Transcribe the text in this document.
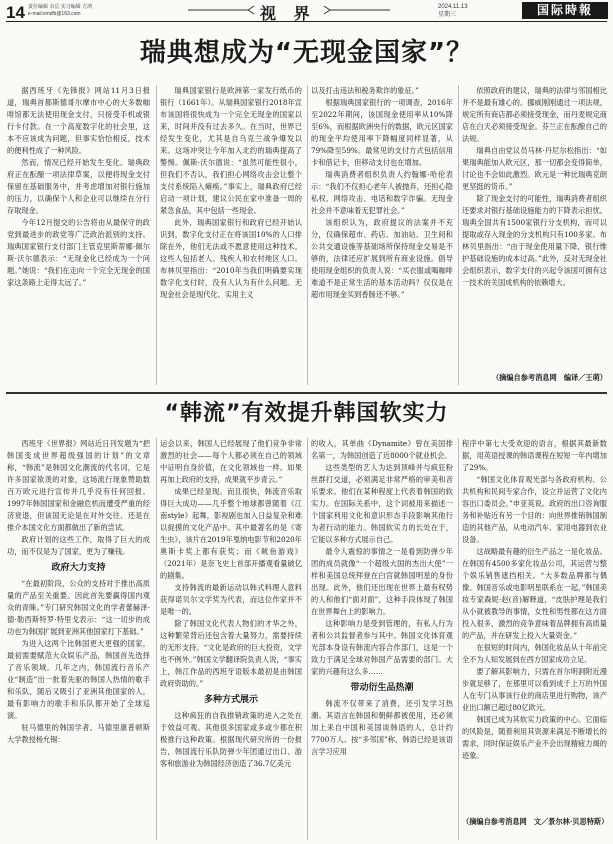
14 责任编辑 余岳 实习编辑 方鸿
e-mail:smzfb@163.com	视 界	2024.11.13
星期三	国际時報
瑞典想成为“无现金国家”？

据西班牙《先锋报》网站11月3日报道，瑞典首都斯德哥尔摩市中心的大多数咖啡馆都无法使用现金支付，只接受手机或银行卡付款。在一个高度数字化的社会里，这本不应该成为问题，但事实恰恰相反，技术的便利性成了一种风险。

然而，情况已经开始发生变化。瑞典政府正在酝酿一项法律草案，以便将现金支付保留在基础服务中，并考虑增加对银行施加的压力，以确保个人和企业可以继续在分行存取现金。

今年12月提交的公告将由从最保守的政党到最进步的政党等广泛政治派别的支持。瑞典国家银行支付部门主管克里斯蒂娜·佩尔斯·沃尔德表示：“无现金化已经成为一个问题。”她说：“我们在走向一个完全无现金的国家这条路上走得太远了。”

瑞典国家银行是欧洲第一家发行纸币的银行（1661年）。从瑞典国家银行2018年宣布该国将很快成为一个完全无现金的国家以来，时间并没有过去多久。在当时，世界已经发生变化，尤其是自乌克兰战争爆发以来。这场冲突让今年加入北约的瑞典提高了警惕。佩斯·沃尔德说：“虽然可能性很小，但我们不否认，我们担心网络攻击会让整个支付系统陷入瘫痪。”事实上，瑞典政府已经启动一项计划，建议公民在家中准备一周的紧急食品，其中包括一些现金。

此外，瑞典国家银行和政府已经开始认识到，数字化支付正在将该国10%的人口排除在外，他们无法或不愿意使用这种技术。这些人包括老人、残疾人和农村地区人口。布林贝里指出：“2010年当我们明确要实现数字化支付时，没有人认为有什么问题。无现金社会是现代化、实用主义

以及打击违法和税务欺诈的象征。”

根据瑞典国家银行的一项调查，2016年至2022年期间，该国现金使用率从10%降至6%，而根据欧洲央行的数据，欧元区国家的现金平均使用率下降幅度同样显著，从79%降至59%。最常见的支付方式包括信用卡和借记卡，但移动支付也在增加。

瑞典消费者组织负责人约翰娜·哈伦表示：“我们不仅担心老年人被抛弃，还担心隐私权、网络攻击、电话和数字诈骗。无现金社会并不意味着无犯罪社会。”

该组织认为，政府提议的法案并不充分，仅确保超市、药店、加油站、卫生间和公共交通设施等基础场所保持现金交易是不够的，法律还应扩展到所有商业设施。倡导使用现金组织的负责人说：“买衣服或喝咖啡难道不是正常生活的基本活动吗？仅仅是在超市用现金买到香肠还不够。”

依照政府的建议，瑞典的法律与邻国相比并不是最有雄心的。挪威刚刚通过一项法规，规定所有商店都必须接受现金，而丹麦规定商店在白天必须接受现金。芬兰正在酝酿自己的法规。

瑞典自由党议员马林·丹尼尔松指出：“如果瑞典能加入欧元区，那一切都会变得简单，讨论也不会如此激烈。欧元是一种比瑞典克朗更坚挺的货币。”

除了现金支付的可能性，瑞典消费者组织还要求对银行基础设施能力的下降表示担忧。瑞典全国共有1500家银行分支机构，而可以提取或存入现金的分支机构只有100多家。布林贝里指出：“由于现金使用量下降，银行维护基础设施的成本过高。”此外，反对无现金社会组织表示，数字支付的兴起令该国可拥有这一技术的关国成机构的依赖增大。

（摘编自参考消息网　编译／王萌）
“韩流”有效提升韩国软实力

西班牙《世界报》网站近日刊发题为“把韩国变成世界超级强国的计划”的文章称，“韩流”是韩国文化潮流的代名词，它是许多国家欲羡的对象，这场流行现象赞助数百万欧元进行宣传并几乎没有任何回报。1997年韩国国家和金融危机而遭受严重的经济衰退，但该国无论是在对外交往、还是在推介本国文化方面都做出了新的尝试。

政府计划的这些工作，取得了巨大的成功，而不仅是为了国家，更为了赚钱。

政府大力支持

“在最初阶段，公众的支持对于推出高质量的产品至关重要。因此首先要赢得国内观众的青睐。”专门研究韩国文化的学者蕾赫泽·德·勒西斯特罗·特里戈表示：“这一切步的成功也为韩国扩展到亚洲其他国家打下基础。”

为进入这两个比韩国更大更强的国家，最初需要赋范大众娱乐产品，韩国首先选择了音乐领域。几年之内，韩国流行音乐产业“制造”出一批着先驱的韩国人热情的歌手和乐队，随后又吸引了亚洲其他国家的人，最有影响力的歌手和乐队都开始了全球巡演。

驻马德里的韩国学者、马德里康普顿斯大学教授杨允锡：

运会以来，韩国人已经展现了他们竞争非常激烈的社会——每个人都必须在自己的领域中证明自身价值，在文化领域也一样。如果再加上政府的支持，成果就平步青云。”

成果已经显现。而且很快，韩流音乐取得巨大成功——几乎整个地球都曾随着《江南style》起舞，影视剧也加入日益复杂和难以捉摸的文化产品中。其中最著名的是《寄生虫》，该片在2019年戛纳电影节和2020年奥斯卡奖上都有获奖；而《鱿鱼游戏》（2021年）是奈飞史上首部开播观看量破亿的剧集。

支持韩流的最新运动以韩式料理人意料获得诺贝尔文学奖为代表，而这位作家并不是唯一的。

除了韩国文化代表人物们的才华之外，这种繁荣背后还包含着大量努力，需要持续的无形支持。“文化是政府的巨大投资，文学也不例外。”韩国文学翻译院负责人说，“事实上，韩江作品的西班牙语版本最初是由韩国政府资助的。”

多种方式展示

这种疯狂的自我推销政策的进入之处在于效益可观。其他很多国家或多或少都在积极推行这种政策。根据现代研究所的一份报告，韩国流行乐队防弹少年团通过出口、游客和旅游业为韩国经济创造了36.7亿美元

的收入，其单曲《Dynamite》曾在美国排名第一，为韩国创造了近8000个就业机会。

这些类型的艺人为达到顶峰并与疯狂粉丝群打交道，必须满足非常严格的审美和音乐要求。他们在某种程度上代表着韩国的软实力。在国际关系中，这个词被用来描述一个国家利用文化和意识形态手段影响其他行为者行动的能力。韩国软实力的长处在于，它能以多种方式展示自己。

最令人震惊的事情之一是看到防弹少年团的成员就像“一个超级大国的杰出大使”一样和美国总统拜登在白宫就韩国明星的身份出现。此外，他们还出现在世界上最有权势的人和他们“面对面”，这种手段体现了韩国在世界舞台上的影响力。

这种影响力是受到管理的，有私人行为者和公共监督者参与其中。韩国文化体育观光部本身设有韩流内容合作部门，这是一个致力于满足全球对韩国产品需要的部门。大家的兴趣有这么多……

带动衍生品热潮

韩流不仅带来了消费，还引发学习热潮。其语言在韩国和朝鲜都被使用，还必须加上来自中国和美国谈韩语的人，总计约7700万人。按“多邻国”称，韩语已经是该语言学习应用

程序中第七大受欢迎的语言，根据其最新数据，用英语授课的韩语课程在短短一年内增加了29%。

“韩国文化体育观光部与各政府机构、公共机构和民间专家合作，设立并运营了文化内容出口委员会。”申亚英说。政府的出口咨询服务和补贴近有另一个目的：向世界推销韩国制造的其他产品，从电动汽车、家用电器到农业设备。

这战略最有趣的衍生产品之一是化妆品。在韩国有4500多家化妆品公司，其运营与整个娱乐销售遮挡相关。“大多数品牌都与偶像、韩国音乐或电影明星联系在一起，”韩国美妆专家森妮·赵(音)解释道，“皮肤护理是我们从小就被教导的事情，女性和男性都在这方面投入很多，激烈的竞争意味着品牌拥有高质量的产品，并在研发上投入大量资金。”

在很短的时间内，韩国化妆品从十年前完全不为人知发展到在西方国家成功立足。

要了解其影响力，只需在首尔明洞附近漫步就足够了，在那里可以看到成千上万的外国人在专门从事该行业的商店里进行购物，该产业出口额已超过80亿欧元。

韩国已成为其软实力政策的中心。它面临的风险是，随着利用其资源来满足不断增长的需求，同时保证娱乐产业不会出现精疲力竭的迹象。

（摘编自参考消息网　文／景尔林·贝思特斯）
